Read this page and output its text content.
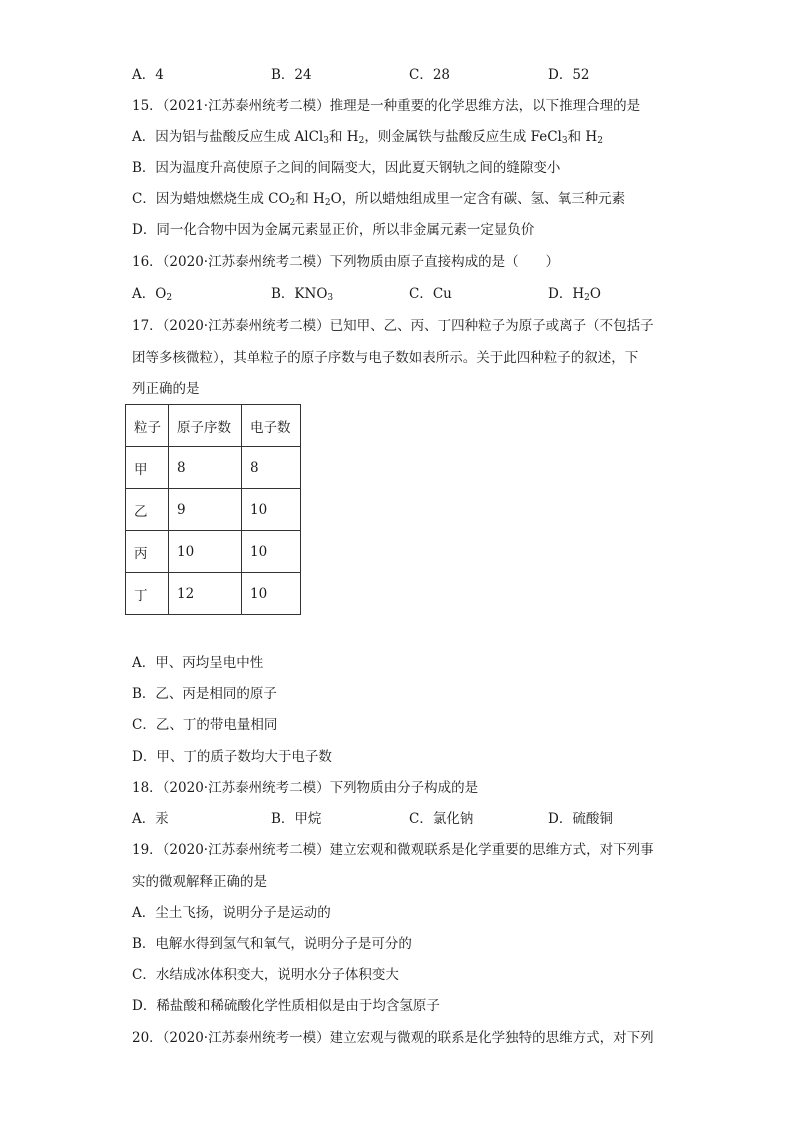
A．4	B．24	C．28	D．52
15．（2021·江苏泰州统考二模）推理是一种重要的化学思维方法，以下推理合理的是
A．因为铝与盐酸反应生成 AlCl$_3$和 $H_2$，则金属铁与盐酸反应生成 FeCl$_3$和 $H_2$
B．因为温度升高使原子之间的间隔变大，因此夏天钢轨之间的缝隙变小
C．因为蜡烛燃烧生成 $CO_2$和 $H_2O$，所以蜡烛组成里一定含有碳、氢、氧三种元素
D．同一化合物中因为金属元素显正价，所以非金属元素一定显负价
16．（2020·江苏泰州统考二模）下列物质由原子直接构成的是（　　）
A．$O_2$	B．$KNO_3$	C．Cu	D．$H_2O$
17．（2020·江苏泰州统考二模）已知甲、乙、丙、丁四种粒子为原子或离子（不包括子
团等多核微粒），其单粒子的原子序数与电子数如表所示。关于此四种粒子的叙述，下
列正确的是
粒子	原子序数	电子数
甲	8	8
乙	9	10
丙	10	10
丁	12	10
A．甲、丙均呈电中性
B．乙、丙是相同的原子
C．乙、丁的带电量相同
D．甲、丁的质子数均大于电子数
18．（2020·江苏泰州统考二模）下列物质由分子构成的是
A．汞	B．甲烷	C．氯化钠	D．硫酸铜
19．（2020·江苏泰州统考二模）建立宏观和微观联系是化学重要的思维方式，对下列事
实的微观解释正确的是
A．尘土飞扬，说明分子是运动的
B．电解水得到氢气和氧气，说明分子是可分的
C．水结成冰体积变大，说明水分子体积变大
D．稀盐酸和稀硫酸化学性质相似是由于均含氢原子
20．（2020·江苏泰州统考一模）建立宏观与微观的联系是化学独特的思维方式，对下列
